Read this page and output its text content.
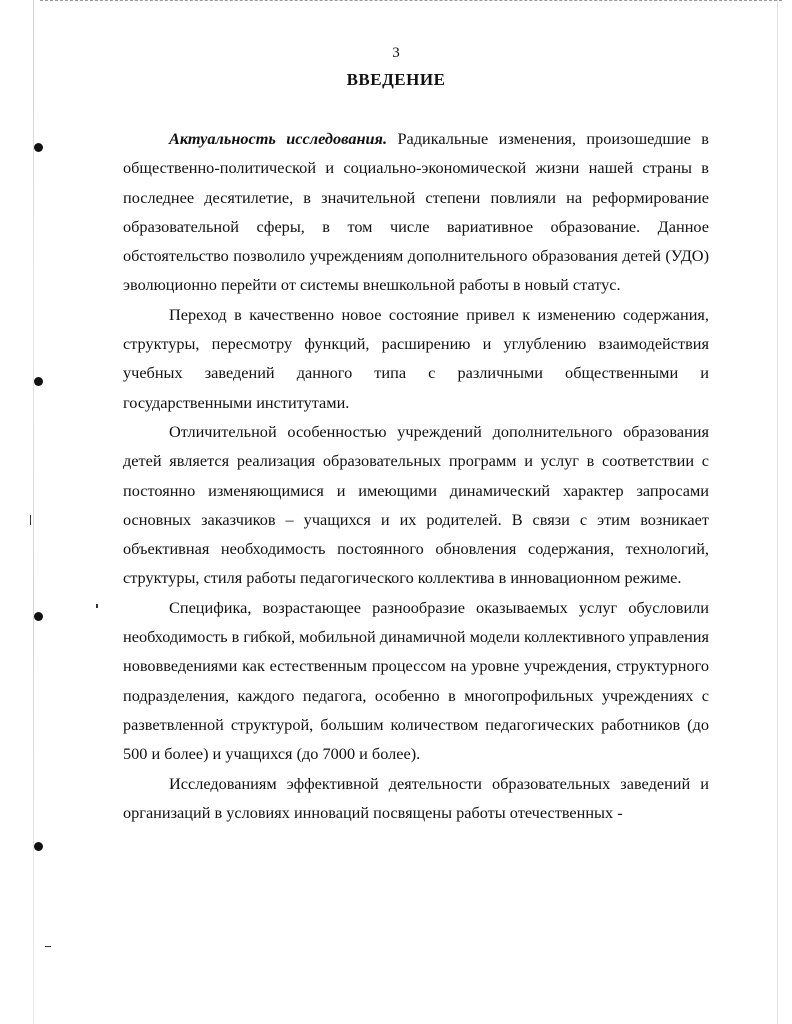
3
ВВЕДЕНИЕ

Актуальность исследования. Радикальные изменения, произошедшие в общественно-политической и социально-экономической жизни нашей страны в последнее десятилетие, в значительной степени повлияли на реформирование образовательной сферы, в том числе вариативное образование. Данное обстоятельство позволило учреждениям дополнительного образования детей (УДО) эволюционно перейти от системы внешкольной работы в новый статус.

Переход в качественно новое состояние привел к изменению содержания, структуры, пересмотру функций, расширению и углублению взаимодействия учебных заведений данного типа с различными общественными и государственными институтами.

Отличительной особенностью учреждений дополнительного образования детей является реализация образовательных программ и услуг в соответствии с постоянно изменяющимися и имеющими динамический характер запросами основных заказчиков – учащихся и их родителей. В связи с этим возникает объективная необходимость постоянного обновления содержания, технологий, структуры, стиля работы педагогического коллектива в инновационном режиме.

Специфика, возрастающее разнообразие оказываемых услуг обусловили необходимость в гибкой, мобильной динамичной модели коллективного управления нововведениями как естественным процессом на уровне учреждения, структурного подразделения, каждого педагога, особенно в многопрофильных учреждениях с разветвленной структурой, большим количеством педагогических работников (до 500 и более) и учащихся (до 7000 и более).

Исследованиям эффективной деятельности образовательных заведений и организаций в условиях инноваций посвящены работы отечественных -
